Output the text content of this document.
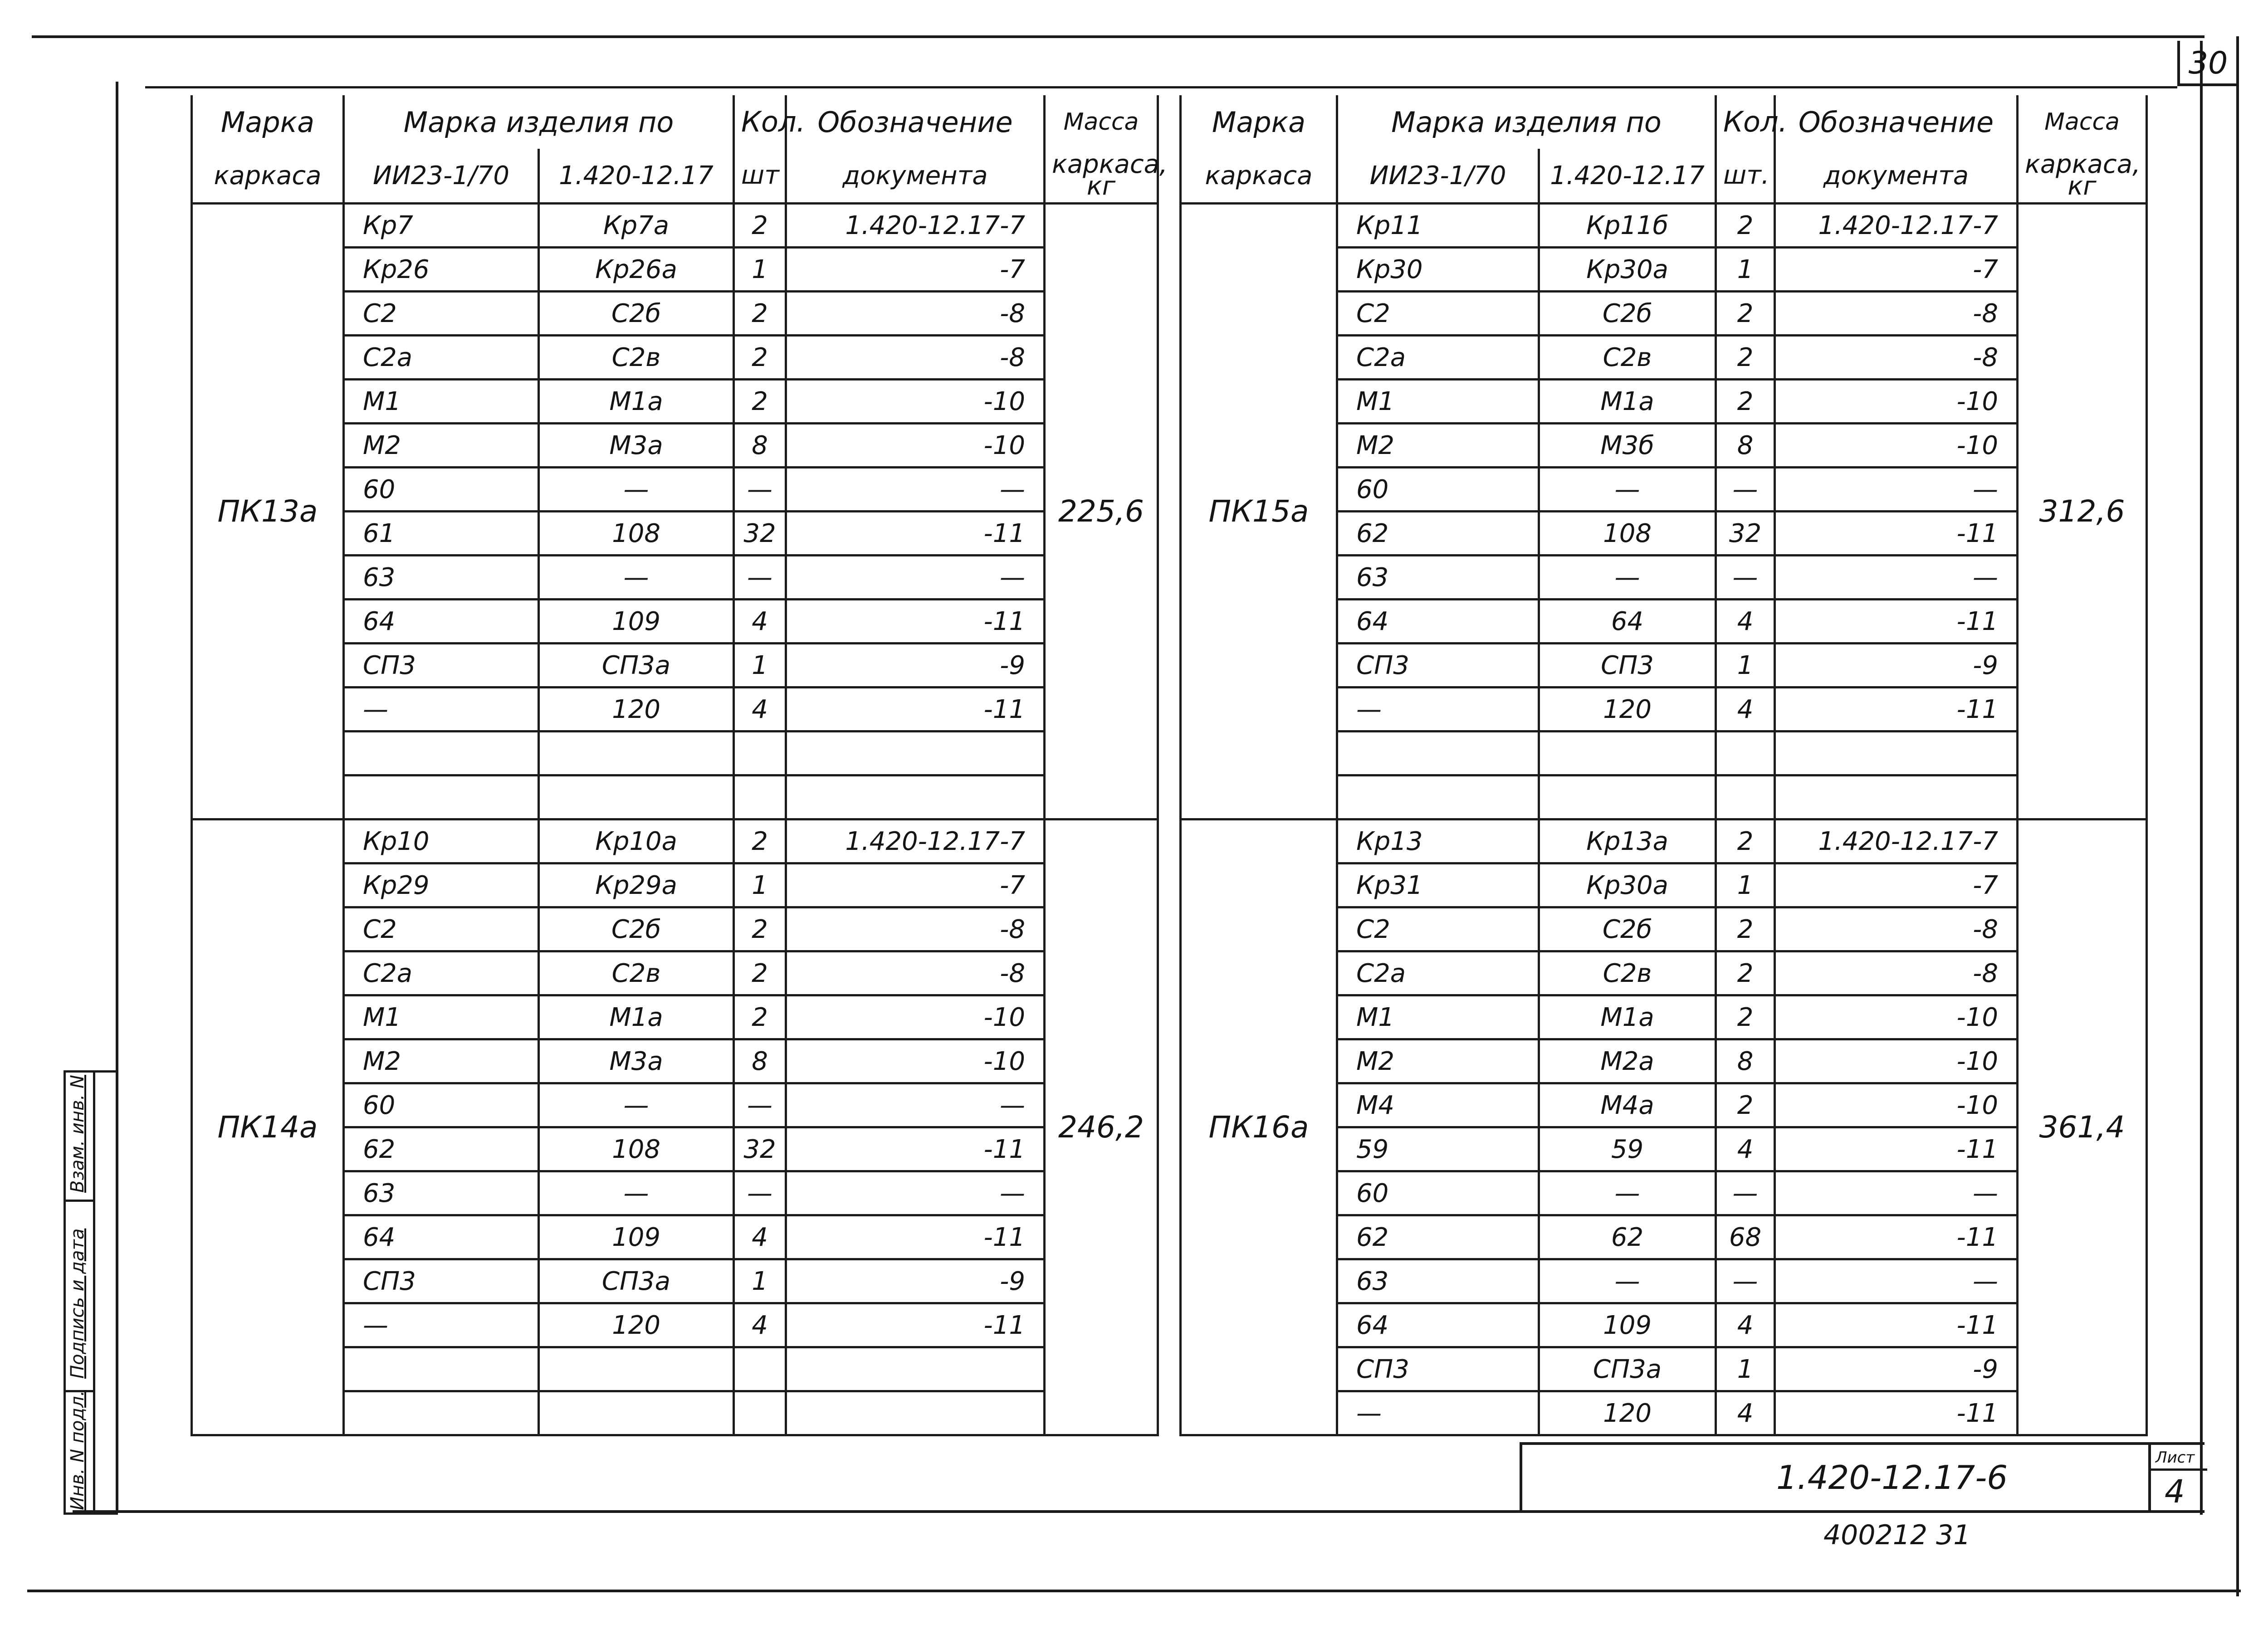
30
Марка	Марка изделия по		Кол.	Обозначение	Масса
каркаса	ИИ23-1/70	1.420-12.17	шт	документа	каркаса,
кг
ПК13а	Кр7	Кр7а	2	1.420-12.17-7	225,6
	Кр26	Кр26а	1	-7	
	С2	С2б	2	-8	
	С2а	С2в	2	-8	
	М1	М1а	2	-10	
	М2	М3а	8	-10	
	60	—	—	—	
	61	108	32	-11	
	63	—	—	—	
	64	109	4	-11	
	СП3	СП3а	1	-9	
	—	120	4	-11	

ПК14а	Кр10	Кр10а	2	1.420-12.17-7	246,2
	Кр29	Кр29а	1	-7	
	С2	С2б	2	-8	
	С2а	С2в	2	-8	
	М1	М1а	2	-10	
	М2	М3а	8	-10	
	60	—	—	—	
	62	108	32	-11	
	63	—	—	—	
	64	109	4	-11	
	СП3	СП3а	1	-9	
	—	120	4	-11	

Марка	Марка изделия по		Кол.	Обозначение	Масса
каркаса	ИИ23-1/70	1.420-12.17	шт.	документа	каркаса,
кг
ПК15а	Кр11	Кр11б	2	1.420-12.17-7	312,6
	Кр30	Кр30а	1	-7	
	С2	С2б	2	-8	
	С2а	С2в	2	-8	
	М1	М1а	2	-10	
	М2	М3б	8	-10	
	60	—	—	—	
	62	108	32	-11	
	63	—	—	—	
	64	64	4	-11	
	СП3	СП3	1	-9	
	—	120	4	-11	

ПК16а	Кр13	Кр13а	2	1.420-12.17-7	361,4
	Кр31	Кр30а	1	-7	
	С2	С2б	2	-8	
	С2а	С2в	2	-8	
	М1	М1а	2	-10	
	М2	М2а	8	-10	
	М4	М4а	2	-10	
	59	59	4	-11	
	60	—	—	—	
	62	62	68	-11	
	63	—	—	—	
	64	109	4	-11	
	СП3	СП3а	1	-9	
	—	120	4	-11	
Инв. N подл.
Подпись и дата
Взам. инв. N
1.420-12.17-6
Лист
4
400212 31
